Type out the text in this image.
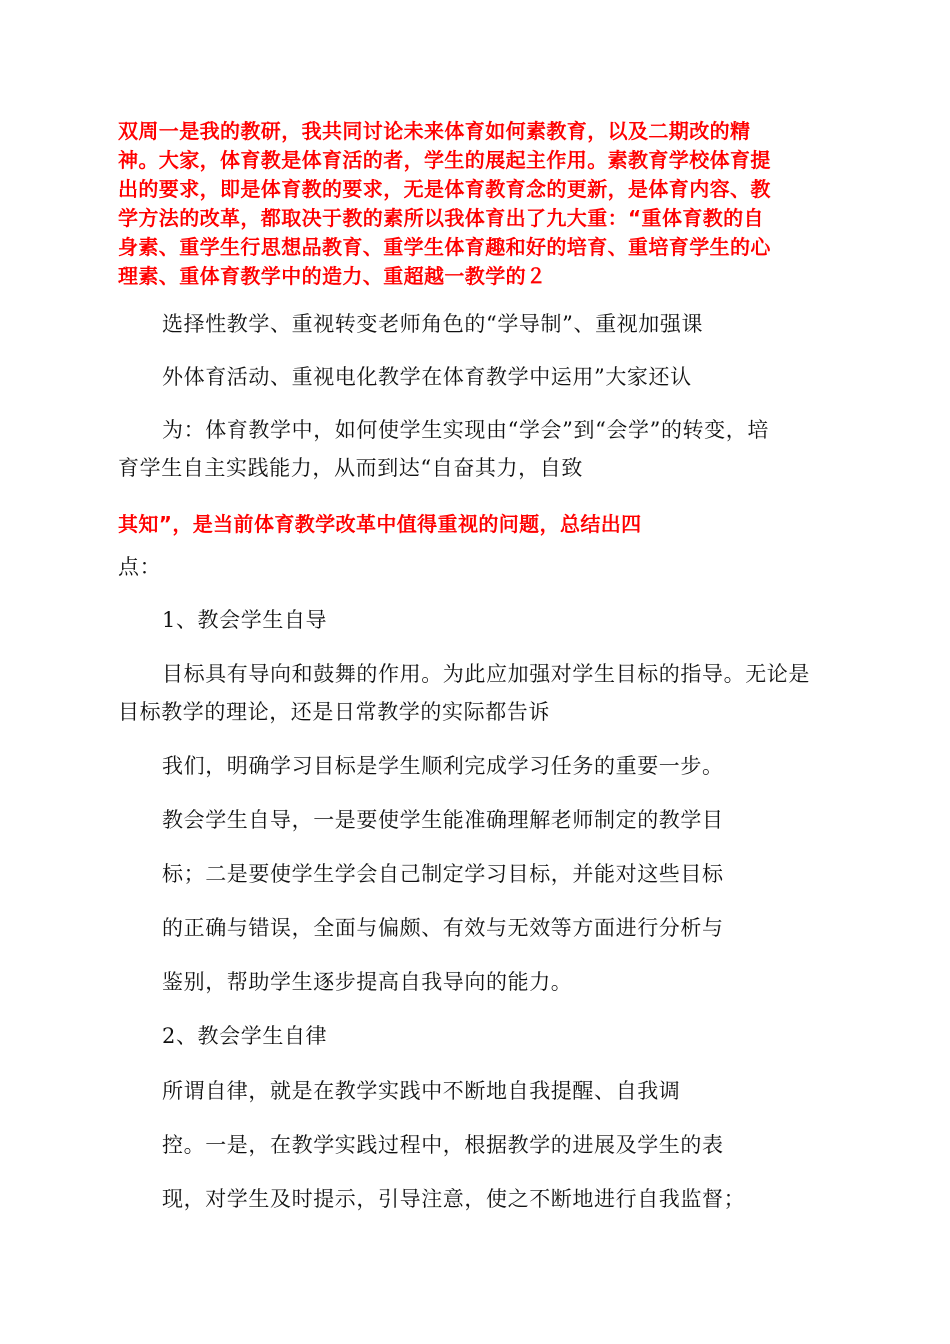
双周一是我的教研，我共同讨论未来体育如何素教育，以及二期改的精
神。大家，体育教是体育活的者，学生的展起主作用。素教育学校体育提
出的要求，即是体育教的要求，无是体育教育念的更新，是体育内容、教
学方法的改革，都取决于教的素所以我体育出了九大重：“重体育教的自
身素、重学生行思想品教育、重学生体育趣和好的培育、重培育学生的心
理素、重体育教学中的造力、重超越一教学的２
选择性教学、重视转变老师角色的“学导制”、重视加强课
外体育活动、重视电化教学在体育教学中运用”大家还认
为：体育教学中，如何使学生实现由“学会”到“会学”的转变，培
育学生自主实践能力，从而到达“自奋其力，自致
其知”，是当前体育教学改革中值得重视的问题，总结出四
点：
1、教会学生自导
目标具有导向和鼓舞的作用。为此应加强对学生目标的指导。无论是
目标教学的理论，还是日常教学的实际都告诉
我们，明确学习目标是学生顺利完成学习任务的重要一步。
教会学生自导，一是要使学生能准确理解老师制定的教学目
标；二是要使学生学会自己制定学习目标，并能对这些目标
的正确与错误，全面与偏颇、有效与无效等方面进行分析与
鉴别，帮助学生逐步提高自我导向的能力。
2、教会学生自律
所谓自律，就是在教学实践中不断地自我提醒、自我调
控。一是，在教学实践过程中，根据教学的进展及学生的表
现，对学生及时提示，引导注意，使之不断地进行自我监督；
